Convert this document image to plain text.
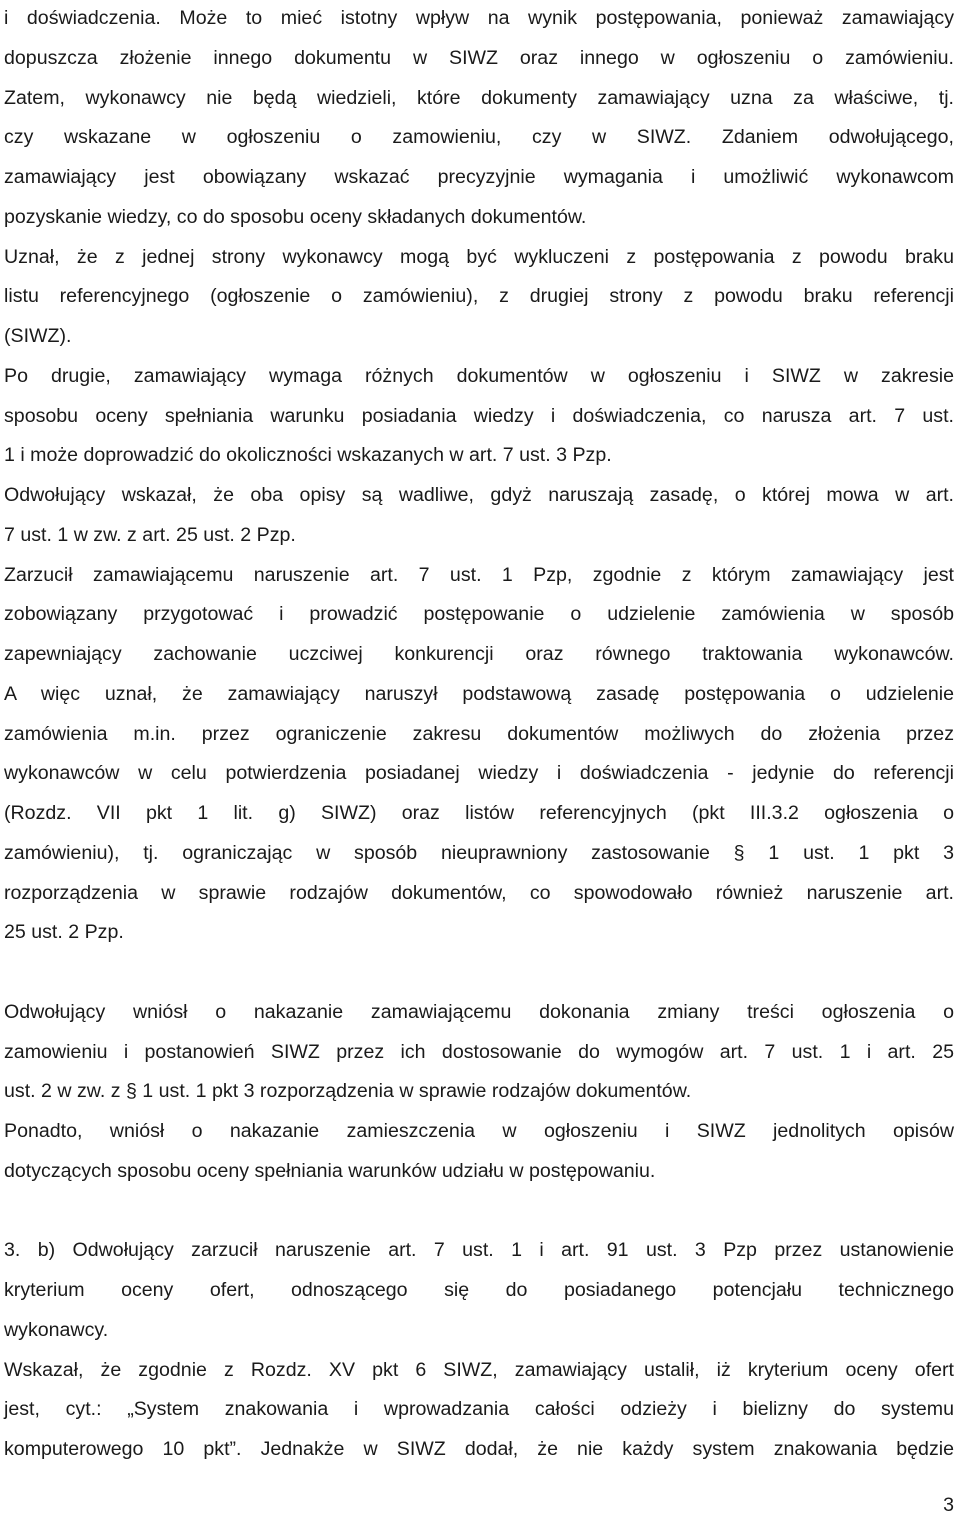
i doświadczenia. Może to mieć istotny wpływ na wynik postępowania, ponieważ zamawiający
dopuszcza złożenie innego dokumentu w SIWZ oraz innego w ogłoszeniu o zamówieniu.
Zatem, wykonawcy nie będą wiedzieli, które dokumenty zamawiający uzna za właściwe, tj.
czy wskazane w ogłoszeniu o zamowieniu, czy w SIWZ. Zdaniem odwołującego,
zamawiający jest obowiązany wskazać precyzyjnie wymagania i umożliwić wykonawcom
pozyskanie wiedzy, co do sposobu oceny składanych dokumentów.
Uznał, że z jednej strony wykonawcy mogą być wykluczeni z postępowania z powodu braku
listu referencyjnego (ogłoszenie o zamówieniu), z drugiej strony z powodu braku referencji
(SIWZ).
Po drugie, zamawiający wymaga różnych dokumentów w ogłoszeniu i SIWZ w zakresie
sposobu oceny spełniania warunku posiadania wiedzy i doświadczenia, co narusza art. 7 ust.
1 i może doprowadzić do okoliczności wskazanych w art. 7 ust. 3 Pzp.
Odwołujący wskazał, że oba opisy są wadliwe, gdyż naruszają zasadę, o której mowa w art.
7 ust. 1 w zw. z art. 25 ust. 2 Pzp.
Zarzucił zamawiającemu naruszenie art. 7 ust. 1 Pzp, zgodnie z którym zamawiający jest
zobowiązany przygotować i prowadzić postępowanie o udzielenie zamówienia w sposób
zapewniający zachowanie uczciwej konkurencji oraz równego traktowania wykonawców.
A więc uznał, że zamawiający naruszył podstawową zasadę postępowania o udzielenie
zamówienia m.in. przez ograniczenie zakresu dokumentów możliwych do złożenia przez
wykonawców w celu potwierdzenia posiadanej wiedzy i doświadczenia - jedynie do referencji
(Rozdz. VII pkt 1 lit. g) SIWZ) oraz listów referencyjnych (pkt III.3.2 ogłoszenia o
zamówieniu), tj. ograniczając w sposób nieuprawniony zastosowanie § 1 ust. 1 pkt 3
rozporządzenia w sprawie rodzajów dokumentów, co spowodowało również naruszenie art.
25 ust. 2 Pzp.
Odwołujący wniósł o nakazanie zamawiającemu dokonania zmiany treści ogłoszenia o
zamowieniu i postanowień SIWZ przez ich dostosowanie do wymogów art. 7 ust. 1 i art. 25
ust. 2 w zw. z § 1 ust. 1 pkt 3 rozporządzenia w sprawie rodzajów dokumentów.
Ponadto, wniósł o nakazanie zamieszczenia w ogłoszeniu i SIWZ jednolitych opisów
dotyczących sposobu oceny spełniania warunków udziału w postępowaniu.
3. b) Odwołujący zarzucił naruszenie art. 7 ust. 1 i art. 91 ust. 3 Pzp przez ustanowienie
kryterium oceny ofert, odnoszącego się do posiadanego potencjału technicznego
wykonawcy.
Wskazał, że zgodnie z Rozdz. XV pkt 6 SIWZ, zamawiający ustalił, iż kryterium oceny ofert
jest, cyt.: „System znakowania i wprowadzania całości odzieży i bielizny do systemu
komputerowego 10 pkt”. Jednakże w SIWZ dodał, że nie każdy system znakowania będzie
3
